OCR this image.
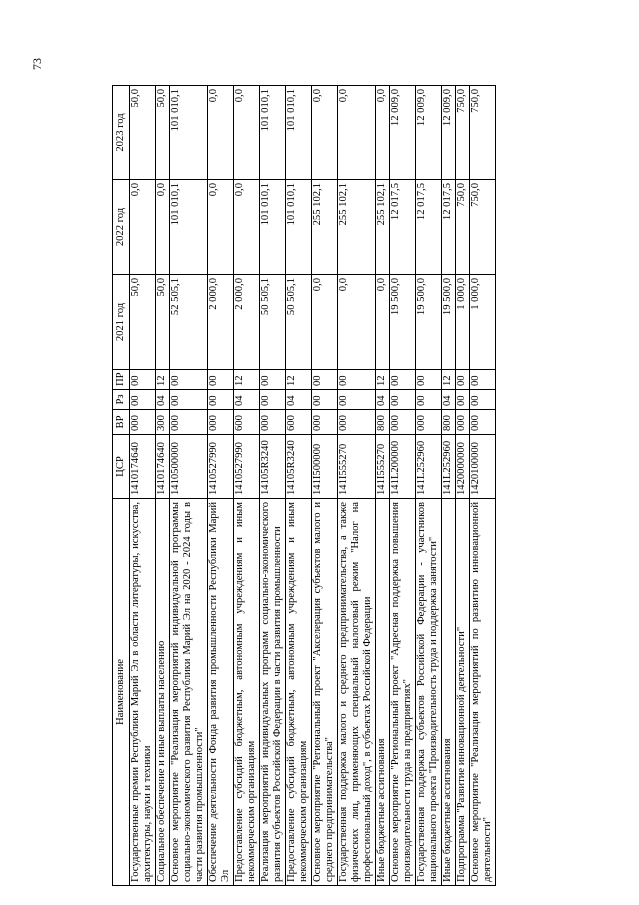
73
Наименование	ЦСР	ВР	Рз	ПР	2021 год	2022 год	2023 год
Государственные премии Республики Марий Эл в области литературы, искусства, архитектуры, науки и техники	1410174640	000	00	00	50,0	0,0	50,0
Социальное обеспечение и иные выплаты населению	1410174640	300	04	12	50,0	0,0	50,0
Основное мероприятие "Реализация мероприятий индивидуальной программы социально-экономического развития Республики Марий Эл на 2020 - 2024 годы в части развития промышленности"	1410500000	000	00	00	52 505,1	101 010,1	101 010,1
Обеспечение деятельности Фонда развития промышленности Республики Марий Эл	1410527990	000	00	00	2 000,0	0,0	0,0
Предоставление субсидий бюджетным, автономным учреждениям и иным некоммерческим организациям	1410527990	600	04	12	2 000,0	0,0	0,0
Реализация мероприятий индивидуальных программ социально-экономического развития субъектов Российской Федерации в части развития промышленности	14105R3240	000	00	00	50 505,1	101 010,1	101 010,1
Предоставление субсидий бюджетным, автономным учреждениям и иным некоммерческим организациям	14105R3240	600	04	12	50 505,1	101 010,1	101 010,1
Основное мероприятие "Региональный проект "Акселерация субъектов малого и среднего предпринимательства"	141I500000	000	00	00	0,0	255 102,1	0,0
Государственная поддержка малого и среднего предпринимательства, а также физических лиц, применяющих специальный налоговый режим "Налог на профессиональный доход", в субъектах Российской Федерации	141I555270	000	00	00	0,0	255 102,1	0,0
Иные бюджетные ассигнования	141I555270	800	04	12	0,0	255 102,1	0,0
Основное мероприятие "Региональный проект "Адресная поддержка повышения производительности труда на предприятиях"	141L200000	000	00	00	19 500,0	12 017,5	12 009,0
Государственная поддержка субъектов Российской Федерации - участников национального проекта "Производительность труда и поддержка занятости"	141L252960	000	00	00	19 500,0	12 017,5	12 009,0
Иные бюджетные ассигнования	141L252960	800	04	12	19 500,0	12 017,5	12 009,0
Подпрограмма "Развитие инновационной деятельности"	1420000000	000	00	00	1 000,0	750,0	750,0
Основное мероприятие "Реализация мероприятий по развитию инновационной деятельности"	1420100000	000	00	00	1 000,0	750,0	750,0
